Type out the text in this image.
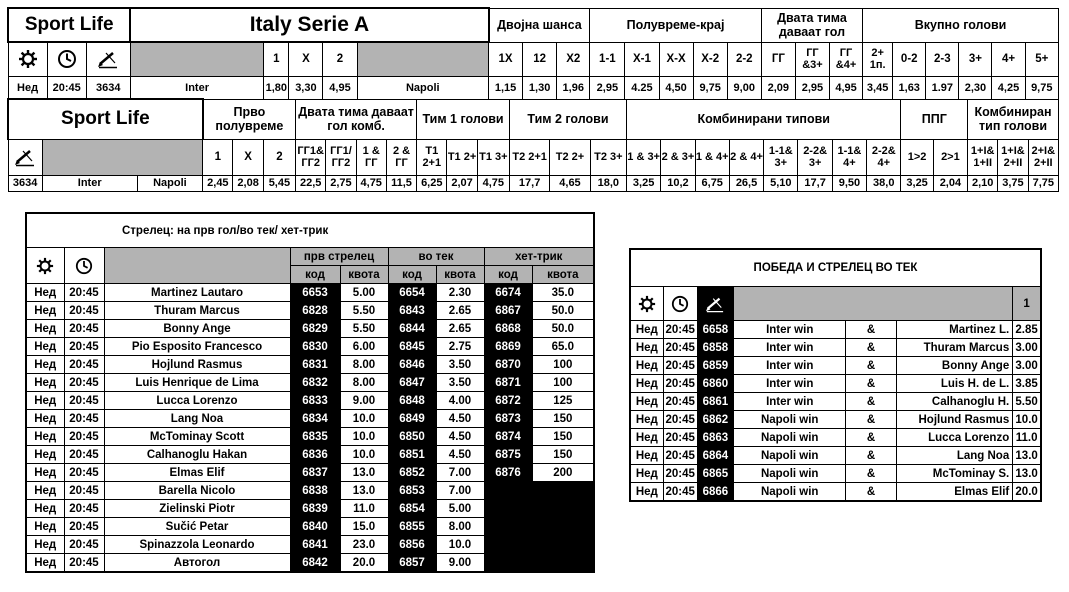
Sport Life			Italy Serie A					Двојна шанса			Полувреме-крај					Двата тима даваат гол			Вкупно голови					

		1	X	2		1X	12	X2	1-1	X-1	X-X	X-2	2-2	ГГ	ГГ &3+	ГГ &4+	2+ 1п.	0-2	2-3	3+	4+	5+
Нед	20:45	3634	Inter	1,80	3,30	4,95	Napoli	1,15	1,30	1,96	2,95	4.25	4,50	9,75	9,00	2,09	2,95	4,95	3,45	1,63	1.97	2,30	4,25	9,75
Sport Life			Прво полувреме			Двата тима даваат гол комб.				Тим 1 голови			Тим 2 голови			Комбинирани типови								ППГ		Комбиниран тип голови		

		1	X	2	ГГ1& ГГ2	ГГ1/ ГГ2	1 & ГГ	2 & ГГ	Т1 2+1	Т1 2+	Т1 3+	Т2 2+1	Т2 2+	Т2 3+	1 & 3+	2 & 3+	1 & 4+	2 & 4+	1-1& 3+	2-2& 3+	1-1& 4+	2-2& 4+	1>2	2>1	1+I& 1+II	1+I& 2+II	2+I& 2+II
3634	Inter	Napoli	2,45	2,08	5,45	22,5	2,75	4,75	11,5	6,25	2,07	4,75	17,7	4,65	18,0	3,25	10,2	6,75	26,5	5,10	17,7	9,50	38,0	3,25	2,04	2,10	3,75	7,75
Стрелец: на прв гол/во тек/ хет-трик								

		прв стрелец		во тек		хет-трик	
			код	квота	код	квота	код	квота
Нед	20:45	Martinez Lautaro	6653	5.00	6654	2.30	6674	35.0
Нед	20:45	Thuram Marcus	6828	5.50	6843	2.65	6867	50.0
Нед	20:45	Bonny Ange	6829	5.50	6844	2.65	6868	50.0
Нед	20:45	Pio Esposito Francesco	6830	6.00	6845	2.75	6869	65.0
Нед	20:45	Hojlund Rasmus	6831	8.00	6846	3.50	6870	100
Нед	20:45	Luis Henrique de Lima	6832	8.00	6847	3.50	6871	100
Нед	20:45	Lucca Lorenzo	6833	9.00	6848	4.00	6872	125
Нед	20:45	Lang Noa	6834	10.0	6849	4.50	6873	150
Нед	20:45	McTominay Scott	6835	10.0	6850	4.50	6874	150
Нед	20:45	Calhanoglu Hakan	6836	10.0	6851	4.50	6875	150
Нед	20:45	Elmas Elif	6837	13.0	6852	7.00	6876	200
Нед	20:45	Barella Nicolo	6838	13.0	6853	7.00		
Нед	20:45	Zielinski Piotr	6839	11.0	6854	5.00		
Нед	20:45	Sučić Petar	6840	15.0	6855	8.00		
Нед	20:45	Spinazzola Leonardo	6841	23.0	6856	10.0		
Нед	20:45	Автогол	6842	20.0	6857	9.00		
ПОБЕДА И СТРЕЛЕЦ ВО ТЕК						

		1
Нед	20:45	6658	Inter win	&	Martinez L.	2.85
Нед	20:45	6858	Inter win	&	Thuram Marcus	3.00
Нед	20:45	6859	Inter win	&	Bonny Ange	3.00
Нед	20:45	6860	Inter win	&	Luis H. de L.	3.85
Нед	20:45	6861	Inter win	&	Calhanoglu H.	5.50
Нед	20:45	6862	Napoli win	&	Hojlund Rasmus	10.0
Нед	20:45	6863	Napoli win	&	Lucca Lorenzo	11.0
Нед	20:45	6864	Napoli win	&	Lang Noa	13.0
Нед	20:45	6865	Napoli win	&	McTominay S.	13.0
Нед	20:45	6866	Napoli win	&	Elmas Elif	20.0
